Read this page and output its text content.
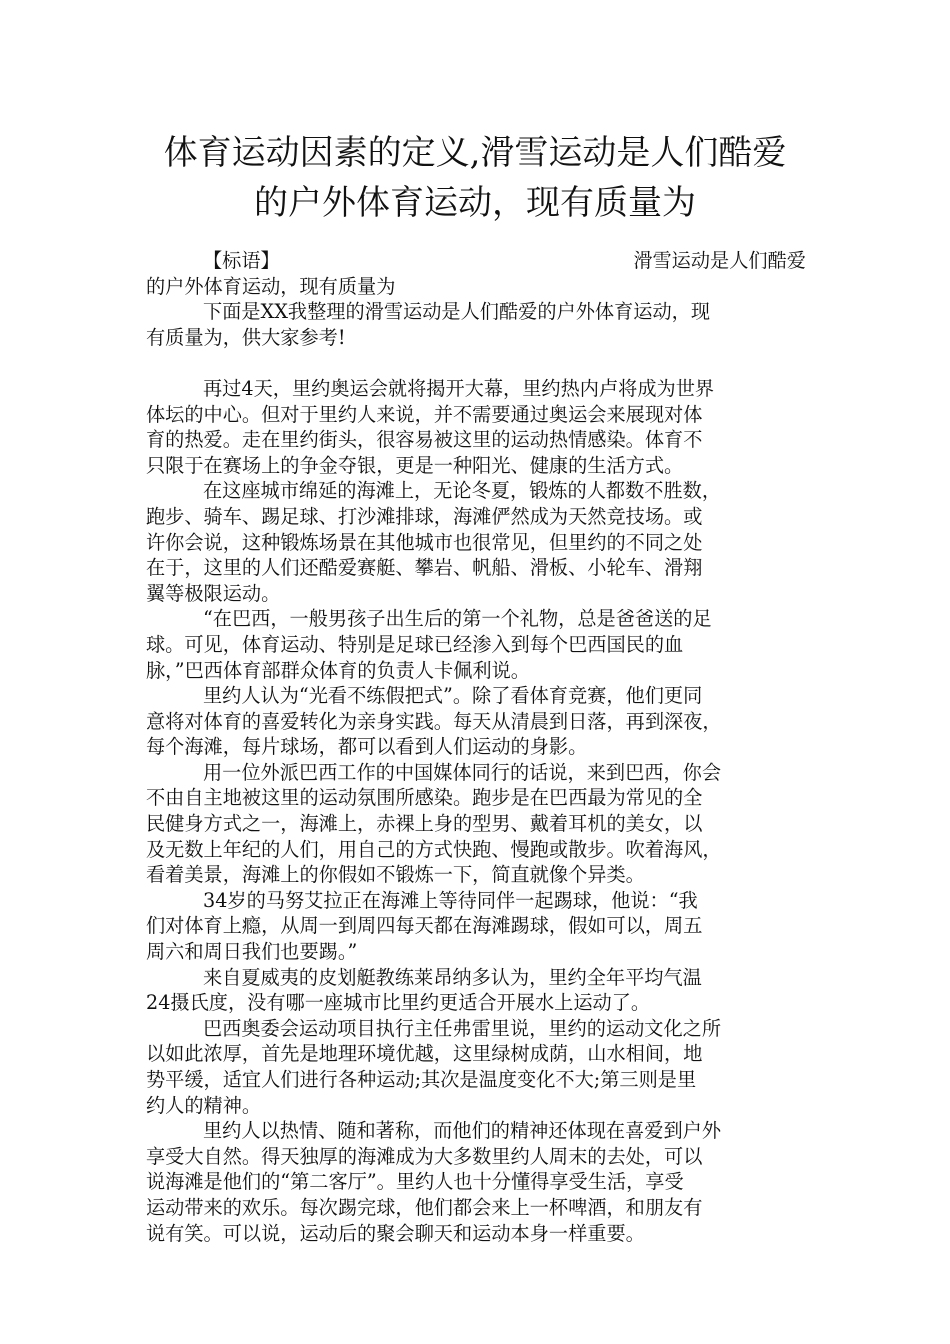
体育运动因素的定义,滑雪运动是人们酷爱
的户外体育运动，现有质量为
【标语】	滑雪运动是人们酷爱
的户外体育运动，现有质量为
下面是XX我整理的滑雪运动是人们酷爱的户外体育运动，现
有质量为，供大家参考!
再过4天，里约奥运会就将揭开大幕，里约热内卢将成为世界
体坛的中心。但对于里约人来说，并不需要通过奥运会来展现对体
育的热爱。走在里约街头，很容易被这里的运动热情感染。体育不
只限于在赛场上的争金夺银，更是一种阳光、健康的生活方式。
在这座城市绵延的海滩上，无论冬夏，锻炼的人都数不胜数，
跑步、骑车、踢足球、打沙滩排球，海滩俨然成为天然竞技场。或
许你会说，这种锻炼场景在其他城市也很常见，但里约的不同之处
在于，这里的人们还酷爱赛艇、攀岩、帆船、滑板、小轮车、滑翔
翼等极限运动。
“在巴西，一般男孩子出生后的第一个礼物，总是爸爸送的足
球。可见，体育运动、特别是足球已经渗入到每个巴西国民的血
脉，”巴西体育部群众体育的负责人卡佩利说。
里约人认为“光看不练假把式”。除了看体育竞赛，他们更同
意将对体育的喜爱转化为亲身实践。每天从清晨到日落，再到深夜，
每个海滩，每片球场，都可以看到人们运动的身影。
用一位外派巴西工作的中国媒体同行的话说，来到巴西，你会
不由自主地被这里的运动氛围所感染。跑步是在巴西最为常见的全
民健身方式之一，海滩上，赤裸上身的型男、戴着耳机的美女，以
及无数上年纪的人们，用自己的方式快跑、慢跑或散步。吹着海风，
看着美景，海滩上的你假如不锻炼一下，简直就像个异类。
34岁的马努艾拉正在海滩上等待同伴一起踢球，他说：“我
们对体育上瘾，从周一到周四每天都在海滩踢球，假如可以，周五
周六和周日我们也要踢。”
来自夏威夷的皮划艇教练莱昂纳多认为，里约全年平均气温
24摄氏度，没有哪一座城市比里约更适合开展水上运动了。
巴西奥委会运动项目执行主任弗雷里说，里约的运动文化之所
以如此浓厚，首先是地理环境优越，这里绿树成荫，山水相间，地
势平缓，适宜人们进行各种运动;其次是温度变化不大;第三则是里
约人的精神。
里约人以热情、随和著称，而他们的精神还体现在喜爱到户外
享受大自然。得天独厚的海滩成为大多数里约人周末的去处，可以
说海滩是他们的“第二客厅”。里约人也十分懂得享受生活，享受
运动带来的欢乐。每次踢完球，他们都会来上一杯啤酒，和朋友有
说有笑。可以说，运动后的聚会聊天和运动本身一样重要。
